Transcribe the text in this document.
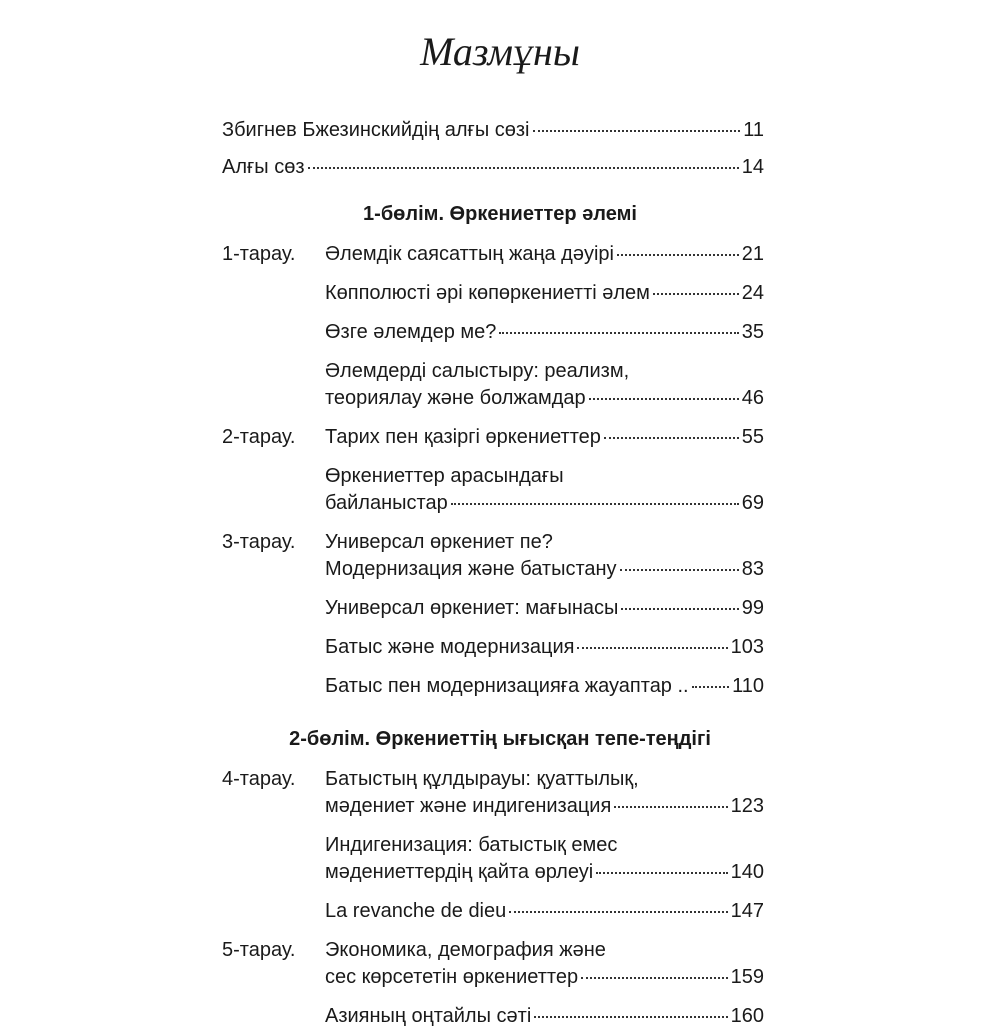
Мазмұны
Збигнев Бжезинскийдің алғы сөзі	11
Алғы сөз	14
1-бөлім. Өркениеттер әлемі
1-тарау. Әлемдік саясаттың жаңа дәуірі	21
Көпполюсті әрі көпөркениетті әлем	24
Өзге әлемдер ме?	35
Әлемдерді салыстыру: реализм,
теориялау және болжамдар	46
2-тарау. Тарих пен қазіргі өркениеттер	55
Өркениеттер арасындағы
байланыстар	69
3-тарау. Универсал өркениет пе?
Модернизация және батыстану	83
Универсал өркениет: мағынасы	99
Батыс және модернизация	103
Батыс пен модернизацияға жауаптар .. 110
2-бөлім. Өркениеттің ығысқан тепе-теңдігі
4-тарау. Батыстың құлдырауы: қуаттылық,
мәдениет және индигенизация	123
Индигенизация: батыстық емес
мәдениеттердің қайта өрлеуі	140
La revanche de dieu	147
5-тарау. Экономика, демография және
сес көрсететін өркениеттер	159
Азияның оңтайлы сәті	160
